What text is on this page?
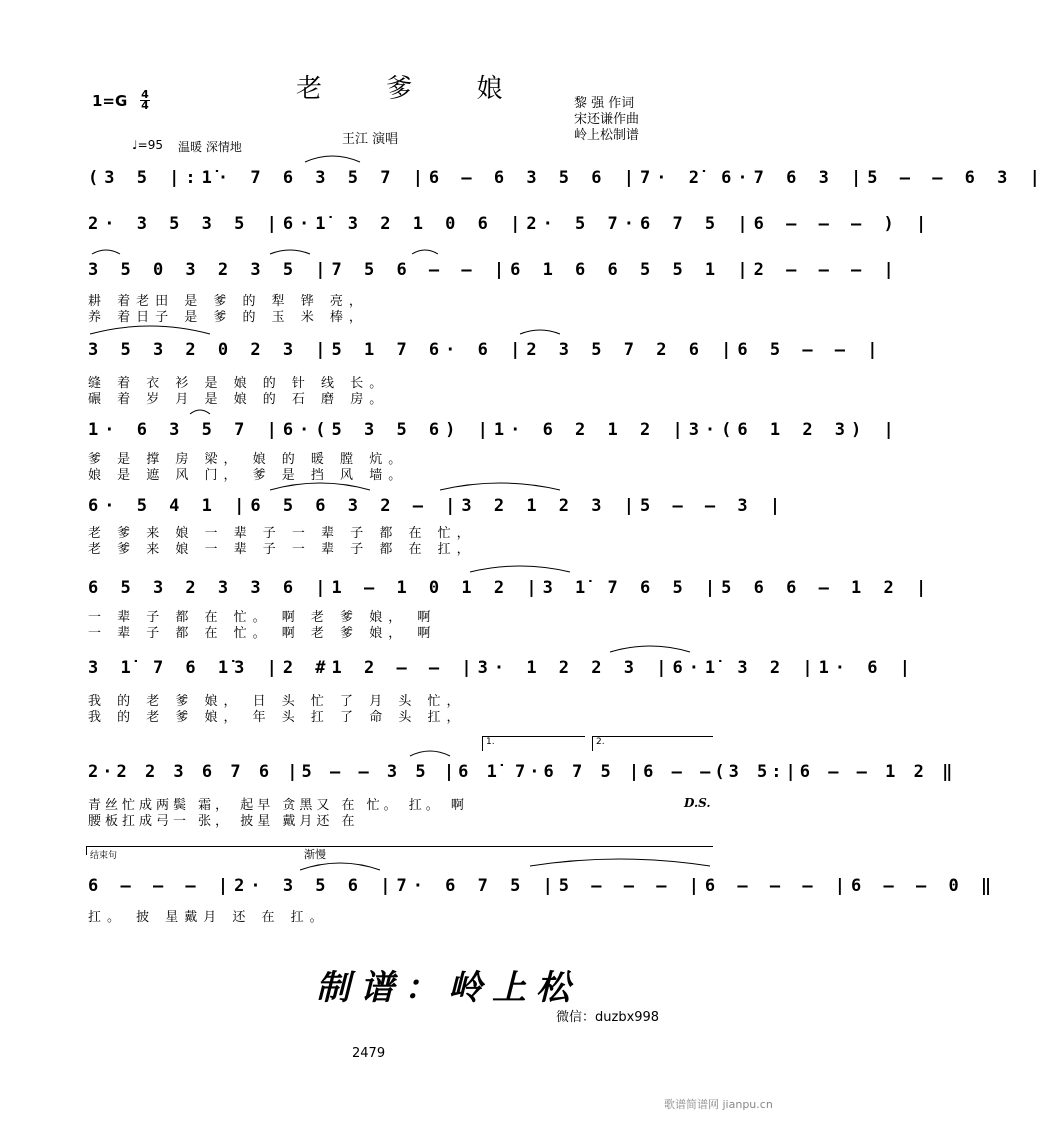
老 爹 娘
1=G 4
4	黎 强 作词
宋还谦作曲
岭上松制谱
王江 演唱
♩=95 温暖 深情地
(3 5 |:1̇· 7 6 3 5 7 |6 – 6 3 5 6 |7· 2̇ 6·7 6 3 |5 – – 6 3 |
2· 3 5 3 5 |6·1̇ 3 2 1 0 6 |2· 5 7·6 7 5 |6 – – – ) |
3 5 0 3 2 3 5 |7 5 6 – – |6 1 6 6 5 5 1 |2 – – – |
耕 着老田 是 爹 的 犁 铧 亮，
养 着日子 是 爹 的 玉 米 棒，
3 5 3 2 0 2 3 |5 1 7 6· 6 |2 3 5 7 2 6 |6 5 – – |
缝 着 衣 衫 是 娘 的 针 线 长。
碾 着 岁 月 是 娘 的 石 磨 房。
1· 6 3 5 7 |6·(5 3 5 6) |1· 6 2 1 2 |3·(6 1 2 3) |
爹 是 撑 房 梁， 娘 的 暖 膛 炕。
娘 是 遮 风 门， 爹 是 挡 风 墙。
6· 5 4 1 |6 5 6 3 2 – |3 2 1 2 3 |5 – – 3 |
老 爹 来 娘 一 辈 子 一 辈 子 都 在 忙，
老 爹 来 娘 一 辈 子 一 辈 子 都 在 扛，
6 5 3 2 3 3 6 |1 – 1 0 1 2 |3 1̇ 7 6 5 |5 6 6 – 1 2 |
一 辈 子 都 在 忙。 啊 老 爹 娘， 啊
一 辈 子 都 在 忙。 啊 老 爹 娘， 啊
3 1̇ 7 6 1̇3 |2 #1 2 – – |3· 1 2 2 3 |6·1̇ 3 2 |1· 6 |
我 的 老 爹 娘， 日 头 忙 了 月 头 忙，
我 的 老 爹 娘， 年 头 扛 了 命 头 扛，
1.	2.
2·2 2 3 6 7 6 |5 – – 3 5 |6 1̇ 7·6 7 5 |6 – –(3 5:|6 – – 1 2 ‖
青丝忙成两鬓 霜， 起早 贪黑又 在 忙。 扛。 啊
腰板扛成弓一 张， 披星 戴月还 在
D.S.
结束句	渐慢
6 – – – |2· 3 5 6 |7· 6 7 5 |5 – – – |6 – – – |6 – – 0 ‖
扛。 披 星戴月 还 在 扛。
制谱：岭上松
微信：duzbx998
2479
歌谱简谱网 jianpu.cn
